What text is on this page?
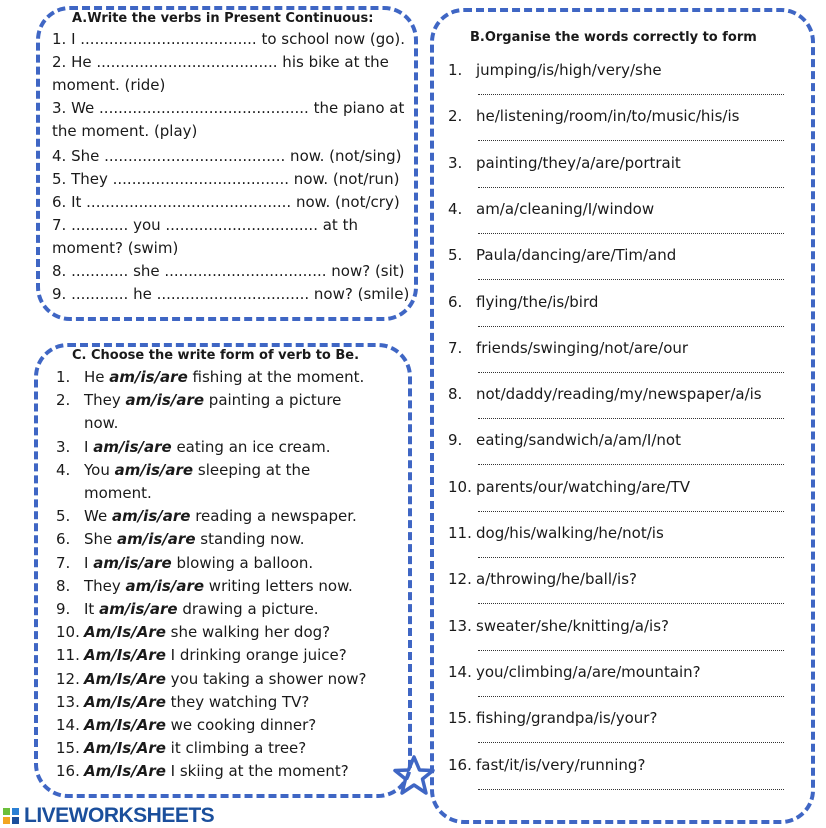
A.Write the verbs in Present Continuous:
1. I ..................................... to school now (go).
2. He ...................................... his bike at the
moment. (ride)
3. We ............................................ the piano at
the moment. (play)
4. She ...................................... now. (not/sing)
5. They ..................................... now. (not/run)
6. It ........................................... now. (not/cry)
7. ............ you ................................ at th
moment? (swim)
8. ............ she .................................. now? (sit)
9. ............ he ................................ now? (smile)
C. Choose the write form of verb to Be.
1. He am/is/are fishing at the moment.
2. They am/is/are painting a picture
now.
3. I am/is/are eating an ice cream.
4. You am/is/are sleeping at the
moment.
5. We am/is/are reading a newspaper.
6. She am/is/are standing now.
7. I am/is/are blowing a balloon.
8. They am/is/are writing letters now.
9. It am/is/are drawing a picture.
10. Am/Is/Are she walking her dog?
11. Am/Is/Are I drinking orange juice?
12. Am/Is/Are you taking a shower now?
13. Am/Is/Are they watching TV?
14. Am/Is/Are we cooking dinner?
15. Am/Is/Are it climbing a tree?
16. Am/Is/Are I skiing at the moment?
B.Organise the words correctly to form
1. jumping/is/high/very/she
2. he/listening/room/in/to/music/his/is
3. painting/they/a/are/portrait
4. am/a/cleaning/I/window
5. Paula/dancing/are/Tim/and
6. flying/the/is/bird
7. friends/swinging/not/are/our
8. not/daddy/reading/my/newspaper/a/is
9. eating/sandwich/a/am/I/not
10. parents/our/watching/are/TV
11. dog/his/walking/he/not/is
12. a/throwing/he/ball/is?
13. sweater/she/knitting/a/is?
14. you/climbing/a/are/mountain?
15. fishing/grandpa/is/your?
16. fast/it/is/very/running?
LIVEWORKSHEETS
